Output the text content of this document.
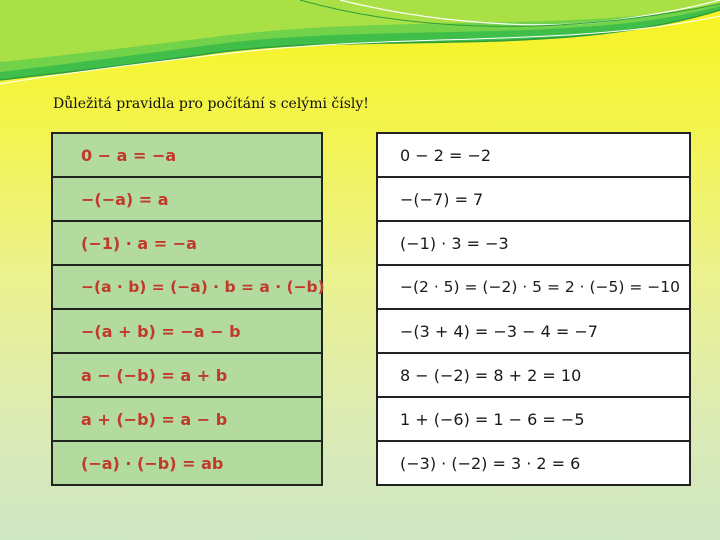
Důležitá pravidla pro počítání s celými čísly!
0 − a = −a
−(−a) = a
(−1) · a = −a
−(a · b) = (−a) · b = a · (−b)
−(a + b) = −a − b
a − (−b) = a + b
a + (−b) = a − b
(−a) · (−b) = ab
0 − 2 = −2
−(−7) = 7
(−1) · 3 = −3
−(2 · 5) = (−2) · 5 = 2 · (−5) = −10
−(3 + 4) = −3 − 4 = −7
8 − (−2) = 8 + 2 = 10
1 + (−6) = 1 − 6 = −5
(−3) · (−2) = 3 · 2 = 6
